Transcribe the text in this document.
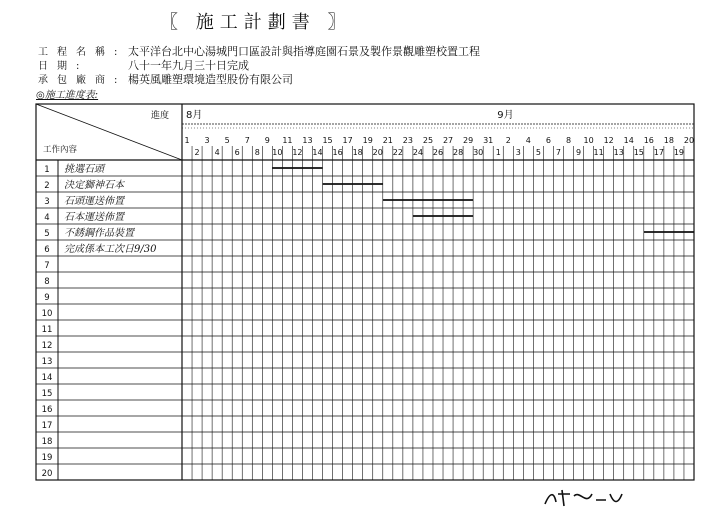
〖 施工計劃書 〗
工程名稱: 太平洋台北中心湯城門口區設計與指導庭園石景及製作景觀雕塑校置工程
日期:	八十一年九月三十日完成
承包廠商: 楊英風雕塑環境造型股份有限公司
◎施工進度表:
進度
工作內容
8月	9月
1
2
3
4
5
6
7
8
9
10
11
12
13
14
15
16
17
18
19
20
21
22
23
24
25
26
27
28
29
30
31
1
2
3
4
5
6
7
8
9
10
11
12
13
14
15
16
17
18
19
20
1 挑選石頭
2 決定獅神石本
3 石頭運送佈置
4 石本運送佈置
5 不銹鋼作品裝置
6 完成係本工次日9/30
7
8
9
10
11
12
13
14
15
16
17
18
19
20
